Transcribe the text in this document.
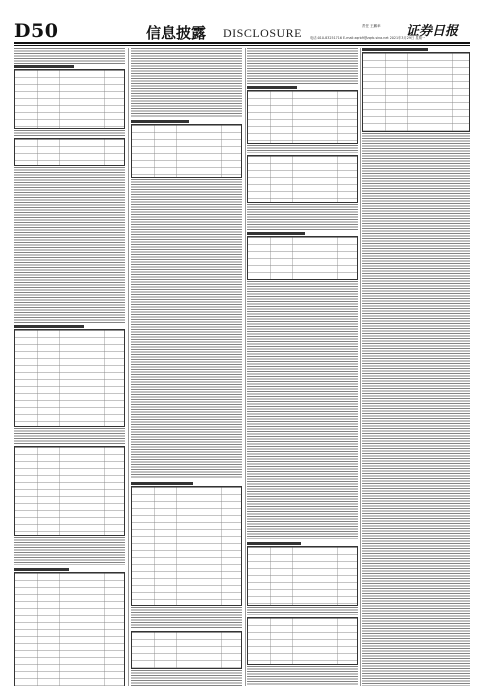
D50	信息披露 DISCLOSURE	责任 王鹏举 证券日报
电话:010-83251716 E-mail:zqrb9@zqrb.sina.net 2021年3月29日 星期一
